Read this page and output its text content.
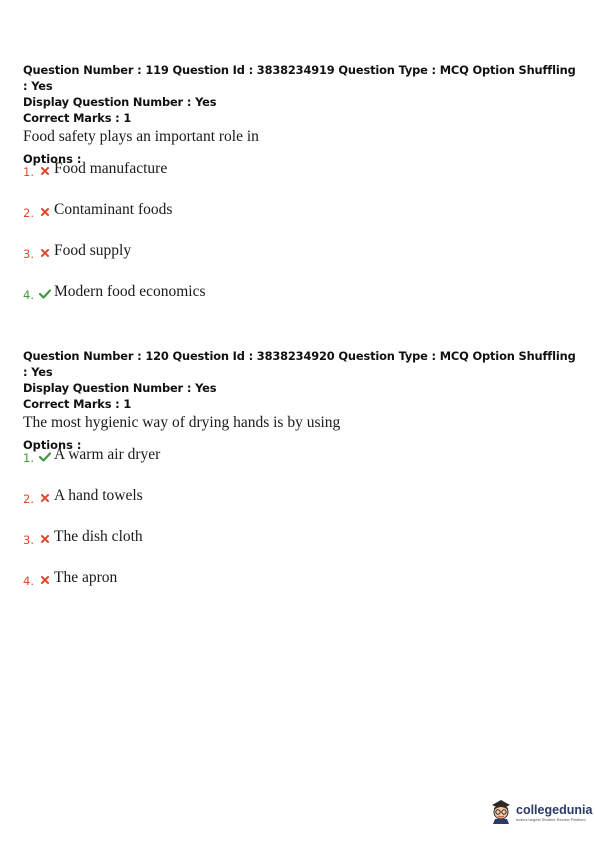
Question Number : 119 Question Id : 3838234919 Question Type : MCQ Option Shuffling : Yes
Display Question Number : Yes
Correct Marks : 1
Food safety plays an important role in
Options :
1. Food manufacture
2. Contaminant foods
3. Food supply
4. Modern food economics
Question Number : 120 Question Id : 3838234920 Question Type : MCQ Option Shuffling : Yes
Display Question Number : Yes
Correct Marks : 1
The most hygienic way of drying hands is by using
Options :
1. A warm air dryer
2. A hand towels
3. The dish cloth
4. The apron
collegedunia
India's largest Student Review Platform
